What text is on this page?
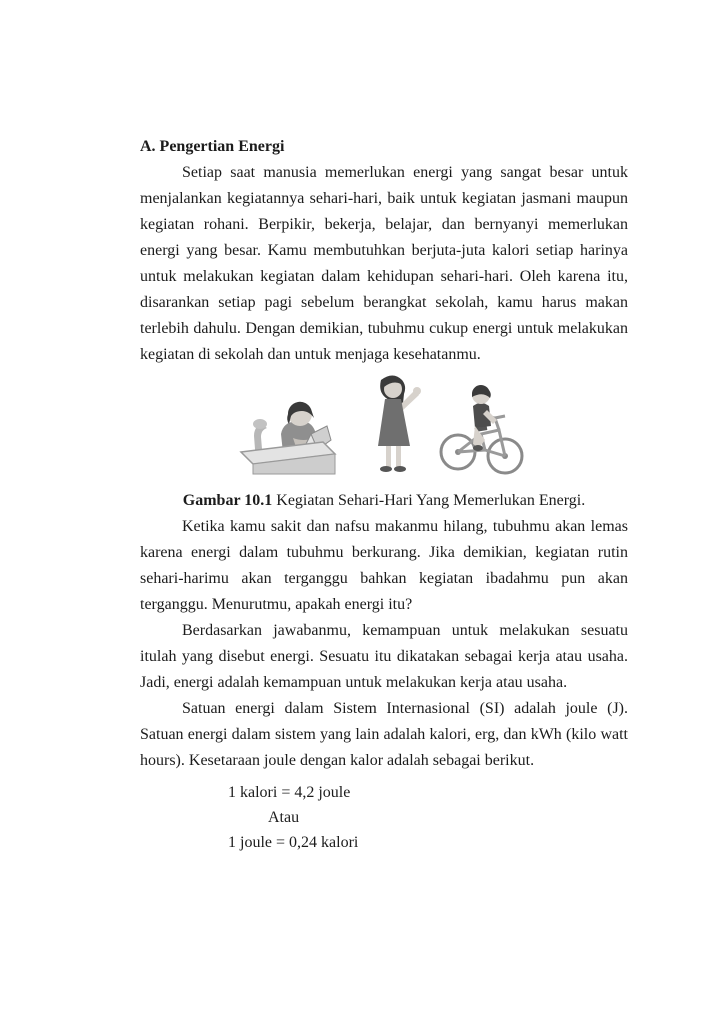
A. Pengertian Energi

Setiap saat manusia memerlukan energi yang sangat besar untuk menjalankan kegiatannya sehari-hari, baik untuk kegiatan jasmani maupun kegiatan rohani. Berpikir, bekerja, belajar, dan bernyanyi memerlukan energi yang besar. Kamu membutuhkan berjuta-juta kalori setiap harinya untuk melakukan kegiatan dalam kehidupan sehari-hari. Oleh karena itu, disarankan setiap pagi sebelum berangkat sekolah, kamu harus makan terlebih dahulu. Dengan demikian, tubuhmu cukup energi untuk melakukan kegiatan di sekolah dan untuk menjaga kesehatanmu.

Gambar 10.1 Kegiatan Sehari-Hari Yang Memerlukan Energi.

Ketika kamu sakit dan nafsu makanmu hilang, tubuhmu akan lemas karena energi dalam tubuhmu berkurang. Jika demikian, kegiatan rutin sehari-harimu akan terganggu bahkan kegiatan ibadahmu pun akan terganggu. Menurutmu, apakah energi itu?

Berdasarkan jawabanmu, kemampuan untuk melakukan sesuatu itulah yang disebut energi. Sesuatu itu dikatakan sebagai kerja atau usaha. Jadi, energi adalah kemampuan untuk melakukan kerja atau usaha.

Satuan energi dalam Sistem Internasional (SI) adalah joule (J). Satuan energi dalam sistem yang lain adalah kalori, erg, dan kWh (kilo watt hours). Kesetaraan joule dengan kalor adalah sebagai berikut.

1 kalori = 4,2 joule
Atau
1 joule = 0,24 kalori
